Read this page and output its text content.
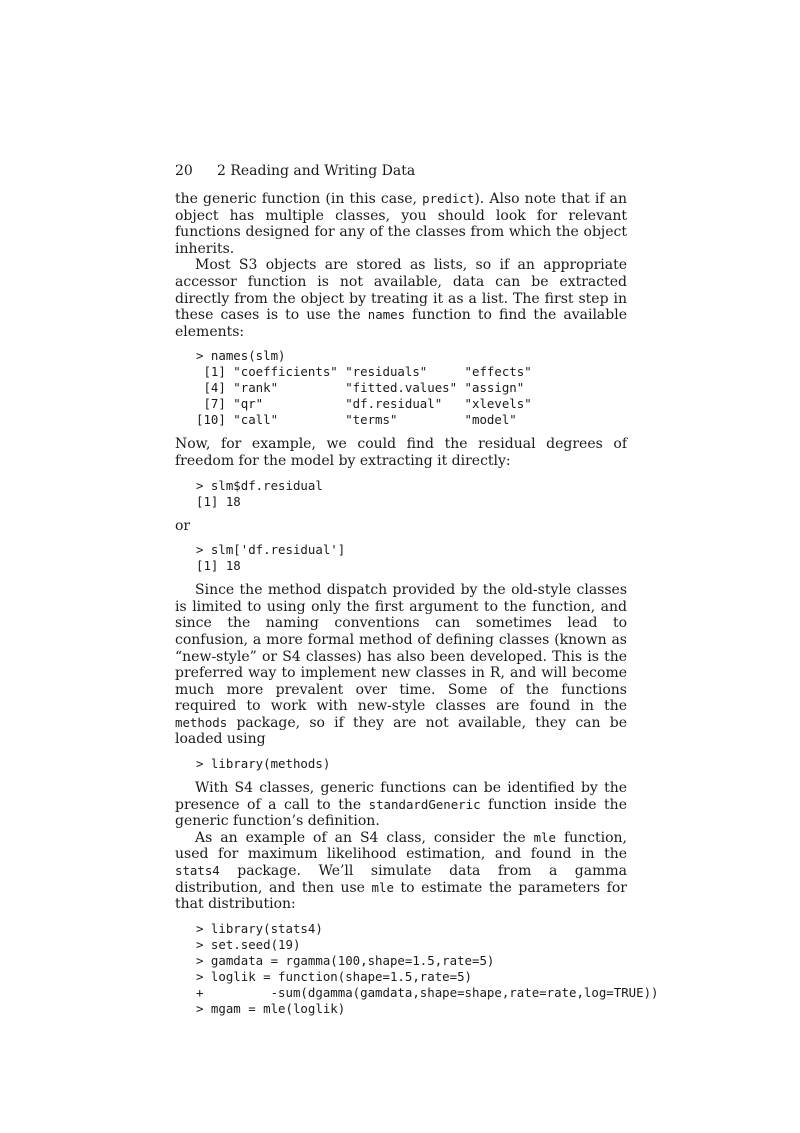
20 2 Reading and Writing Data

the generic function (in this case, predict). Also note that if an object has multiple classes, you should look for relevant functions designed for any of the classes from which the object inherits.

Most S3 objects are stored as lists, so if an appropriate accessor function is not available, data can be extracted directly from the object by treating it as a list. The first step in these cases is to use the names function to find the available elements:

> names(slm)
[1] "coefficients" "residuals"     "effects"
[4] "rank"         "fitted.values" "assign"
[7] "qr"           "df.residual"   "xlevels"
[10] "call"         "terms"         "model"

Now, for example, we could find the residual degrees of freedom for the model by extracting it directly:

> slm$df.residual
[1] 18

or

> slm['df.residual']
[1] 18

Since the method dispatch provided by the old-style classes is limited to using only the first argument to the function, and since the naming conventions can sometimes lead to confusion, a more formal method of defining classes (known as “new-style” or S4 classes) has also been developed. This is the preferred way to implement new classes in R, and will become much more prevalent over time. Some of the functions required to work with new-style classes are found in the methods package, so if they are not available, they can be loaded using

> library(methods)

With S4 classes, generic functions can be identified by the presence of a call to the standardGeneric function inside the generic function’s definition.

As an example of an S4 class, consider the mle function, used for maximum likelihood estimation, and found in the stats4 package. We’ll simulate data from a gamma distribution, and then use mle to estimate the parameters for that distribution:

> library(stats4)
> set.seed(19)
> gamdata = rgamma(100,shape=1.5,rate=5)
> loglik = function(shape=1.5,rate=5)
+         -sum(dgamma(gamdata,shape=shape,rate=rate,log=TRUE))
> mgam = mle(loglik)
